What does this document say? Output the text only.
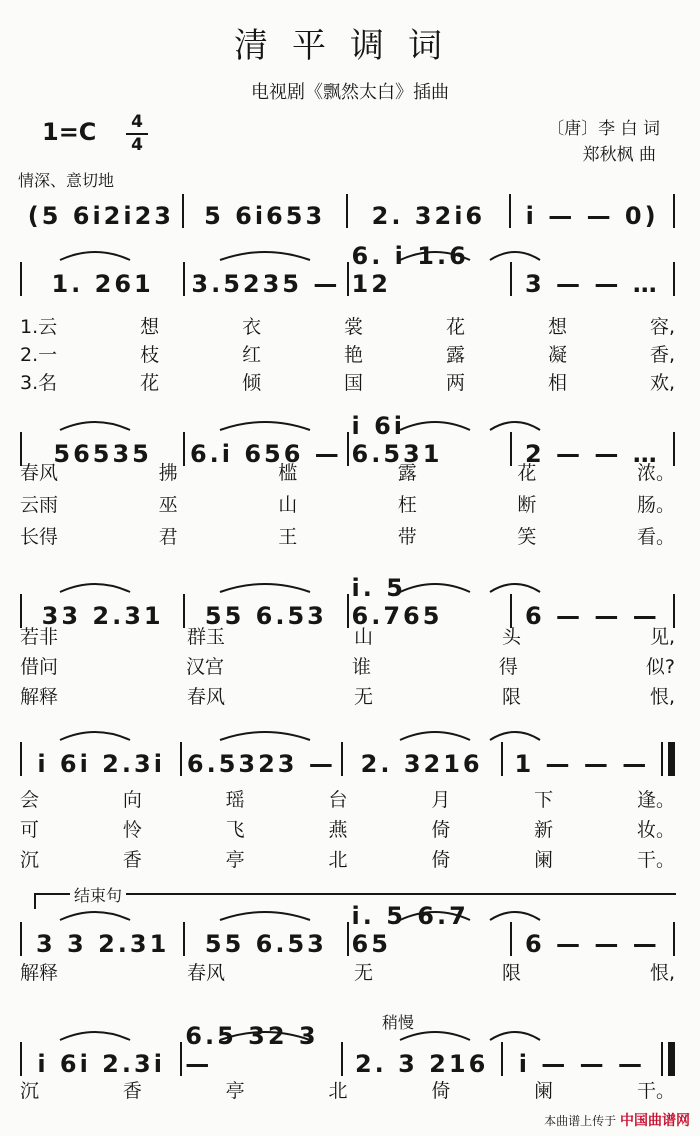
清平调词
电视剧《飘然太白》插曲
1=C 4
4
〔唐〕李 白 词
郑秋枫 曲
情深、意切地
结束句
稍慢
(5 6i2i23 5 6i653 2. 32i6 i — — 0)
1. 261 3.5235 —
6. i 1.6 12	3 — — …
1.云	想	衣	裳	花	想	容,
2.一	枝	红	艳	露	凝	香,
3.名	花	倾	国	两	相	欢,
56535 6.i 656 —
i 6i 6.531	2 — — …
春风	拂	槛	露	花	浓。
云雨	巫	山	枉	断	肠。
长得	君	王	带	笑	看。
33 2.31 55 6.53
i. 5 6.765	6 — — —
若非	群玉	山	头	见,
借问	汉宫	谁	得	似?
解释	春风	无	限	恨,
i 6i 2.3i 6.5323 — 2. 3216 1 — — —
会	向	瑶	台	月	下	逢。
可	怜	飞	燕	倚	新	妆。
沉	香	亭	北	倚	阑	干。
3 3 2.31 55 6.53
i. 5 6.7 65	6 — — —
解释	春风	无	限	恨,
i 6i 2.3i
6.5 32 3 —	2. 3 216 i — — —
沉	香	亭	北	倚	阑	干。
本曲谱上传于 中国曲谱网
